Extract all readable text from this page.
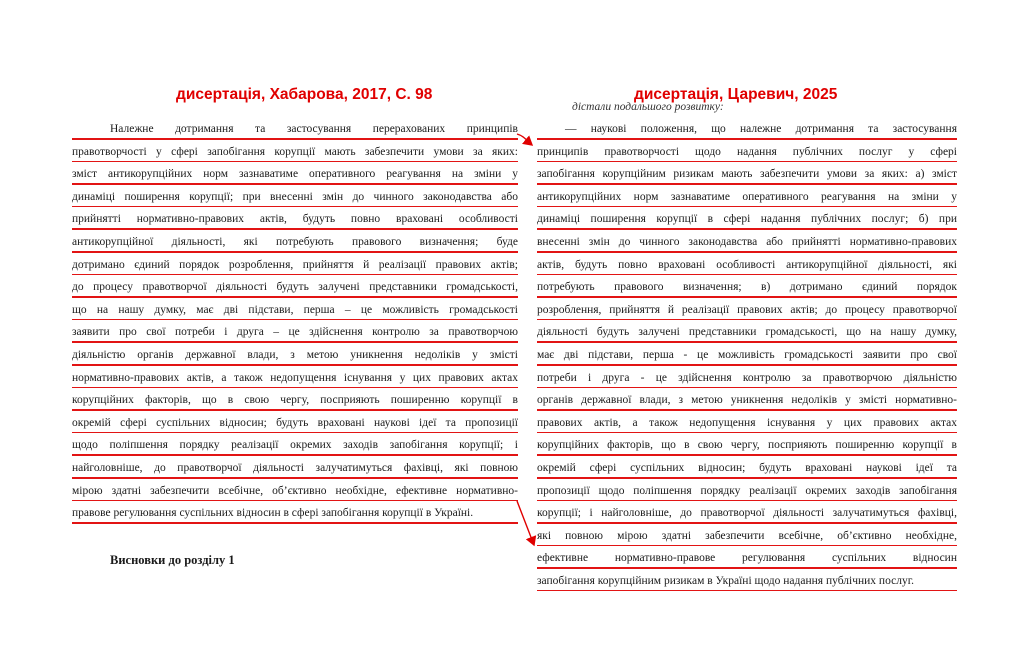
дисертація, Хабарова, 2017, С. 98	дисертація, Царевич, 2025
дістали подальшого розвитку:
Належне дотримання та застосування перерахованих принципів
правотворчості у сфері запобігання корупції мають забезпечити умови за яких:
зміст антикорупційних норм зазнаватиме оперативного реагування на зміни у
динаміці поширення корупції; при внесенні змін до чинного законодавства або
прийнятті нормативно-правових актів, будуть повно враховані особливості
антикорупційної діяльності, які потребують правового визначення; буде
дотримано єдиний порядок розроблення, прийняття й реалізації правових актів;
до процесу правотворчої діяльності будуть залучені представники громадськості,
що на нашу думку, має дві підстави, перша – це можливість громадськості
заявити про свої потреби і друга – це здійснення контролю за правотворчою
діяльністю органів державної влади, з метою уникнення недоліків у змісті
нормативно-правових актів, а також недопущення існування у цих правових актах
корупційних факторів, що в свою чергу, посприяють поширенню корупції в
окремій сфері суспільних відносин; будуть враховані наукові ідеї та пропозиції
щодо поліпшення порядку реалізації окремих заходів запобігання корупції; і
найголовніше, до правотворчої діяльності залучатимуться фахівці, які повною
мірою здатні забезпечити всебічне, об’єктивно необхідне, ефективне нормативно-
правове регулювання суспільних відносин в сфері запобігання корупції в Україні.
— наукові положення, що належне дотримання та застосування
принципів правотворчості щодо надання публічних послуг у сфері
запобігання корупційним ризикам мають забезпечити умови за яких: а) зміст
антикорупційних норм зазнаватиме оперативного реагування на зміни у
динаміці поширення корупції в сфері надання публічних послуг; б) при
внесенні змін до чинного законодавства або прийнятті нормативно-правових
актів, будуть повно враховані особливості антикорупційної діяльності, які
потребують правового визначення; в) дотримано єдиний порядок
розроблення, прийняття й реалізації правових актів; до процесу правотворчої
діяльності будуть залучені представники громадськості, що на нашу думку,
має дві підстави, перша - це можливість громадськості заявити про свої
потреби і друга - це здійснення контролю за правотворчою діяльністю
органів державної влади, з метою уникнення недоліків у змісті нормативно-
правових актів, а також недопущення існування у цих правових актах
корупційних факторів, що в свою чергу, посприяють поширенню корупції в
окремій сфері суспільних відносин; будуть враховані наукові ідеї та
пропозиції щодо поліпшення порядку реалізації окремих заходів запобігання
корупції; і найголовніше, до правотворчої діяльності залучатимуться фахівці,
які повною мірою здатні забезпечити всебічне, об’єктивно необхідне,
ефективне нормативно-правове регулювання суспільних відносин
запобігання корупційним ризикам в Україні щодо надання публічних послуг.
Висновки до розділу 1
